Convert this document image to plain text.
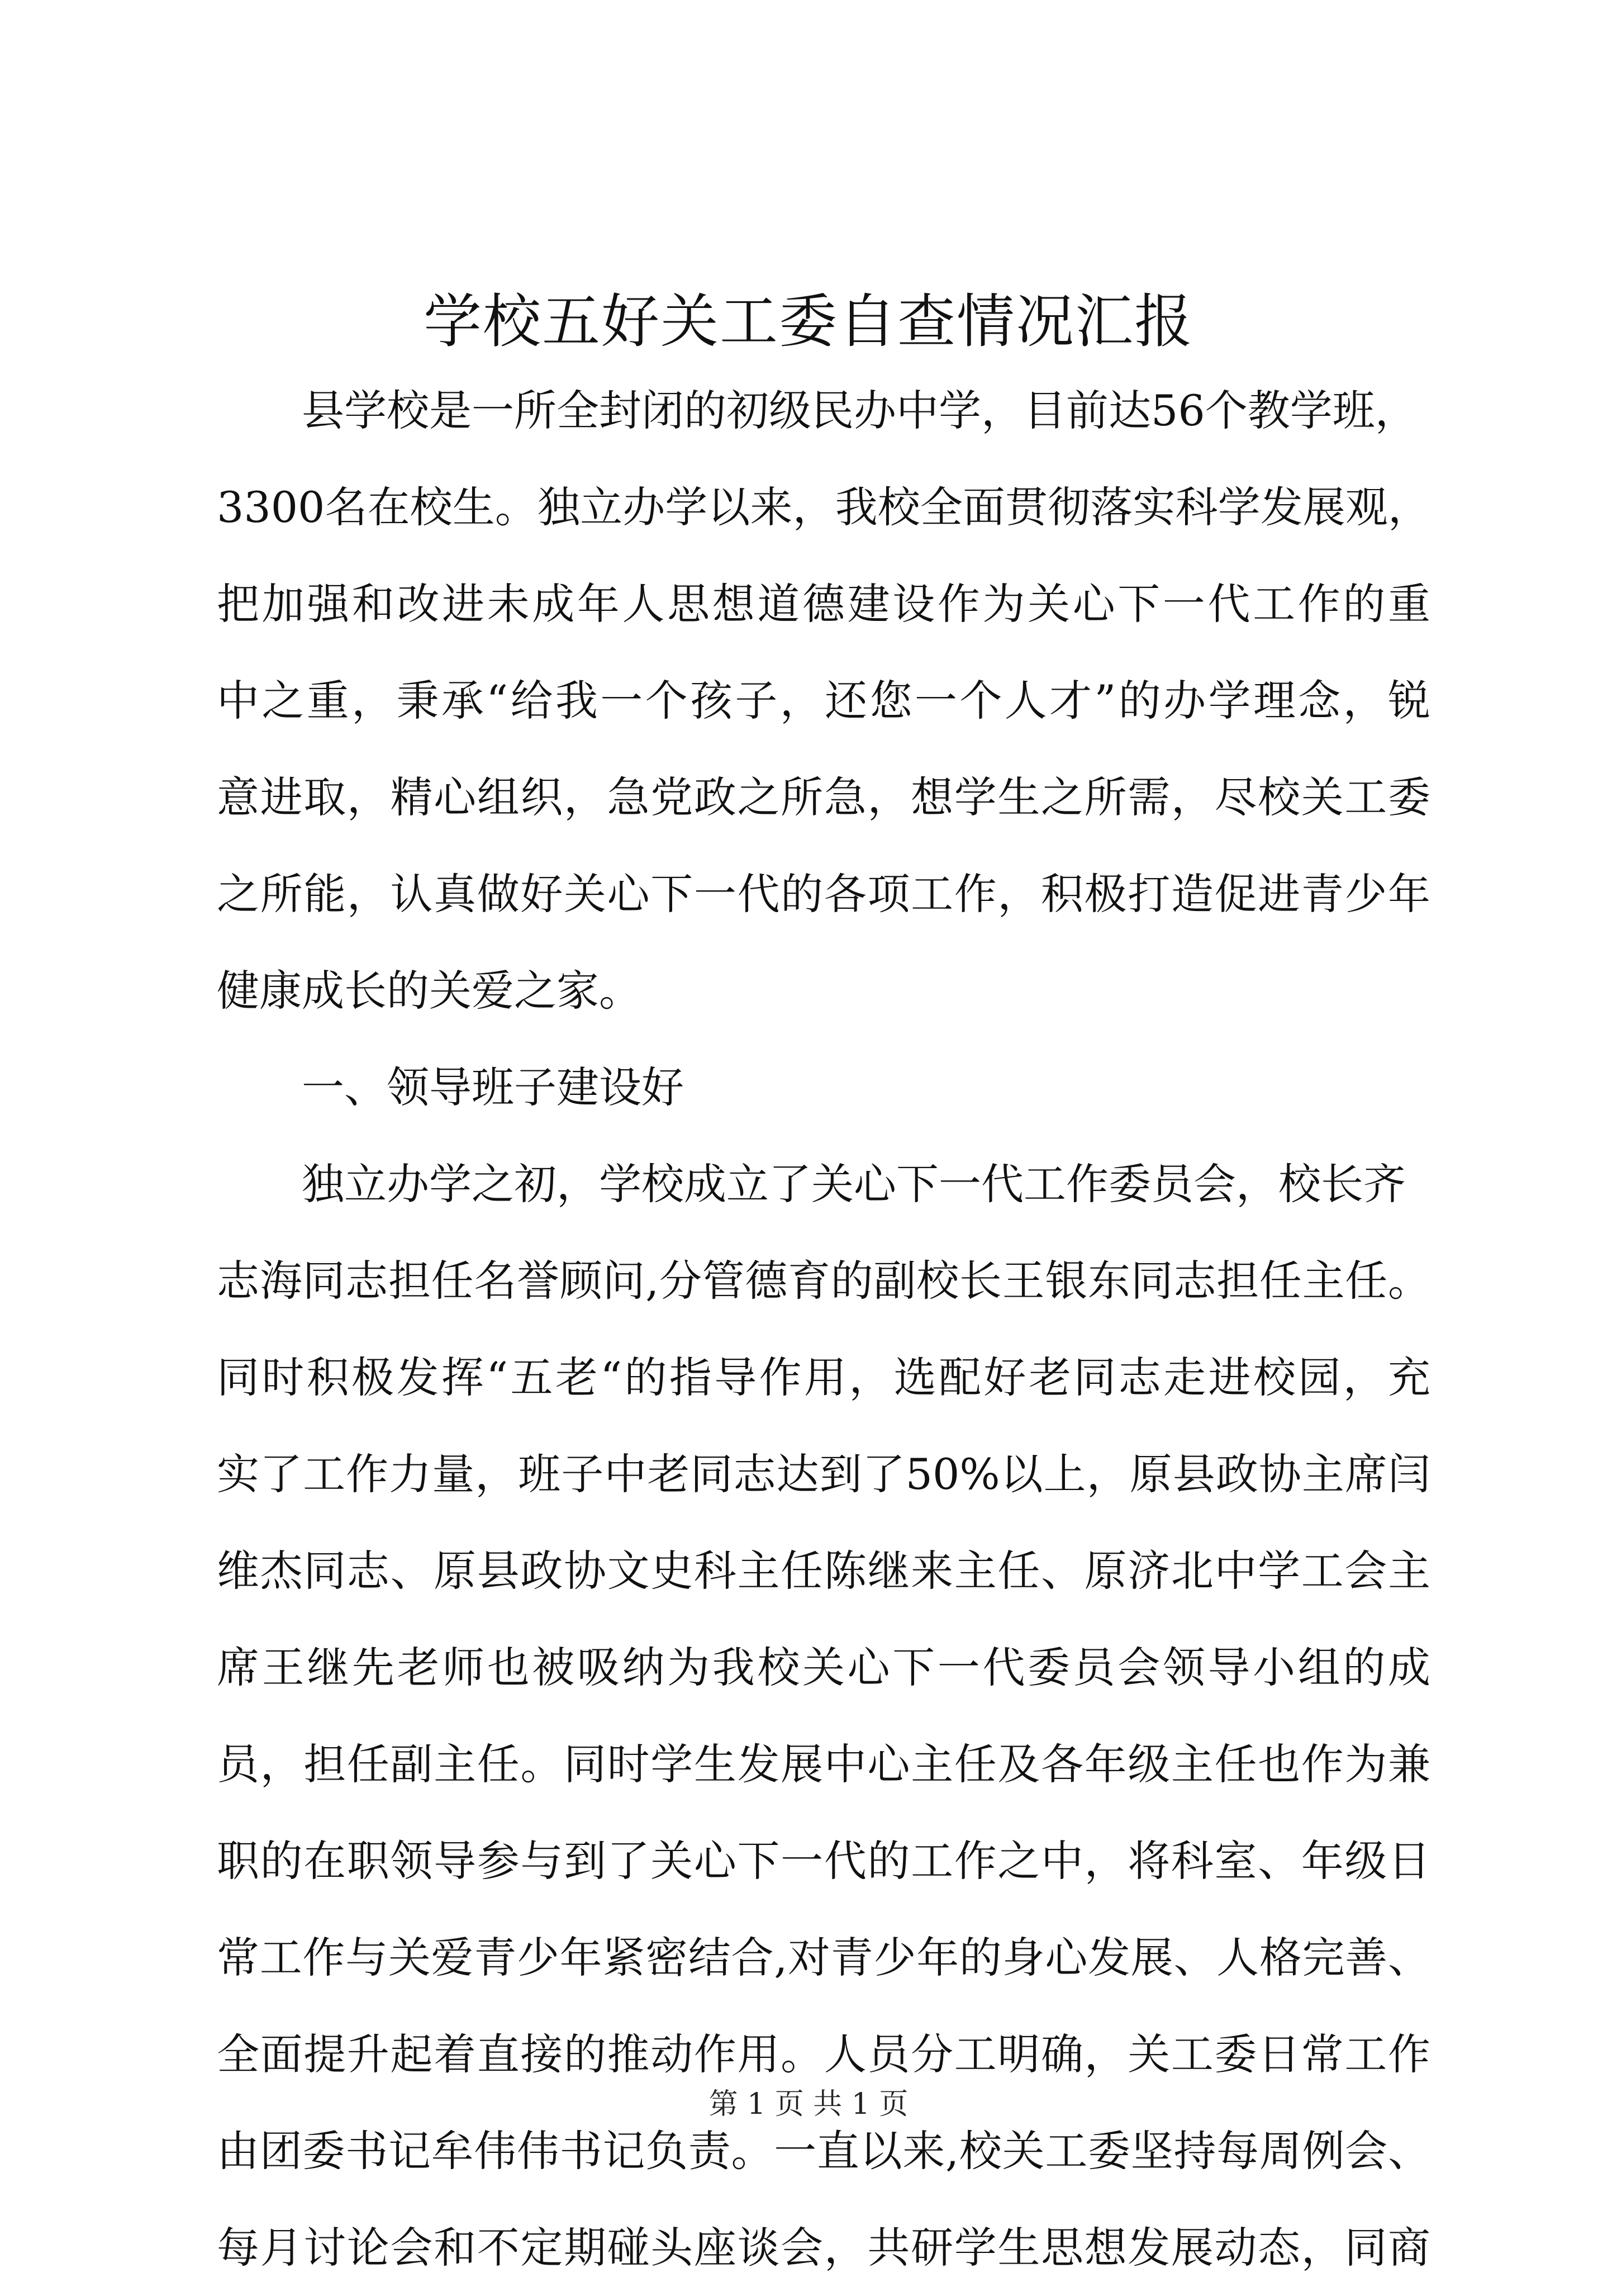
学校五好关工委自查情况汇报
县学校是一所全封闭的初级民办中学，目前达56个教学班，
3300名在校生。独立办学以来，我校全面贯彻落实科学发展观，
把加强和改进未成年人思想道德建设作为关心下一代工作的重
中之重，秉承“给我一个孩子，还您一个人才”的办学理念，锐
意进取，精心组织，急党政之所急，想学生之所需，尽校关工委
之所能，认真做好关心下一代的各项工作，积极打造促进青少年
健康成长的关爱之家。
一、领导班子建设好
独立办学之初，学校成立了关心下一代工作委员会，校长齐
志海同志担任名誉顾问,分管德育的副校长王银东同志担任主任。
同时积极发挥“五老“的指导作用，选配好老同志走进校园，充
实了工作力量，班子中老同志达到了50%以上，原县政协主席闫
维杰同志、原县政协文史科主任陈继来主任、原济北中学工会主
席王继先老师也被吸纳为我校关心下一代委员会领导小组的成
员，担任副主任。同时学生发展中心主任及各年级主任也作为兼
职的在职领导参与到了关心下一代的工作之中，将科室、年级日
常工作与关爱青少年紧密结合,对青少年的身心发展、人格完善、
全面提升起着直接的推动作用。人员分工明确，关工委日常工作
由团委书记牟伟伟书记负责。一直以来,校关工委坚持每周例会、
每月讨论会和不定期碰头座谈会，共研学生思想发展动态，同商
第 1 页 共 1 页
